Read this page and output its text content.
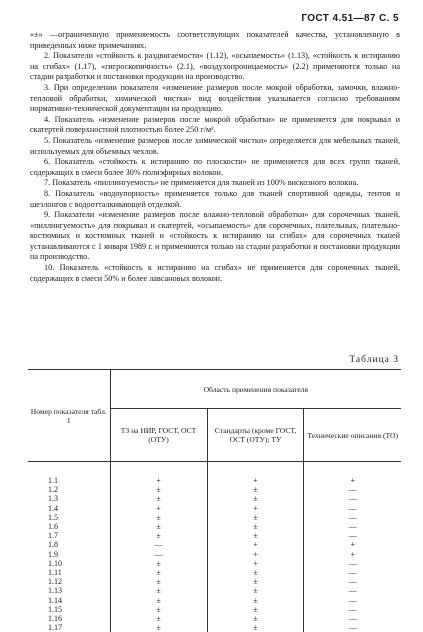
ГОСТ 4.51—87 С. 5

«±» —ограниченную применяемость соответствующих показателей качества, установленную в приведенных ниже примечаниях.

2. Показатели «стойкость к раздвигаемости» (1.12), «осыпаемость» (1.13), «стойкость к истиранию на сгибах» (1.17), «гигроскопичность» (2.1), «воздухопроницаемость» (2.2) применяются только на стадии разработки и постановки продукции на производство.

3. При определении показателя «изменение размеров после мокрой обработки, замочки, влажно-тепловой обработки, химической чистки» вид воздействия указывается согласно требованиям нормативно-технической документации на продукцию.

4. Показатель «изменение размеров после мокрой обработки» не применяется для покрывал и скатертей поверхностной плотностью более 250 г/м².

5. Показатель «изменение размеров после химической чистки» определяется для мебельных тканей, используемых для объемных чехлов.

6. Показатель «стойкость к истиранию по плоскости» не применяется для всех групп тканей, содержащих в смеси более 30% полиэфирных волокон.

7. Показатель «пиллингуемость» не применяется для тканей из 100% вискозного волокна.

8. Показатель «водоупорность» применяется только для тканей спортивной одежды, тентов и шезлонгов с водоотталкивающей отделкой.

9. Показатели «изменение размеров после влажно-тепловой обработки» для сорочечных тканей, «пиллингуемость» для покрывал и скатертей, «осыпаемость» для сорочечных, плательных, плательно-костюмных и костюмных тканей и «стойкость к истиранию на сгибах» для сорочечных тканей устанавливаются с 1 января 1989 г. и применяются только на стадии разработки и постановки продукции на производство.

10. Показатель «стойкость к истиранию на сгибах» не применяется для сорочечных тканей, содержащих в смеси 50% и более лавсановых волокон.

Таблица 3
Номер показателя табл. 1	Область применения показателя		
	ТЗ на НИР, ГОСТ, ОСТ (ОТУ)	Стандарты (кроме ГОСТ, ОСТ (ОТУ); ТУ	Технические описания (ТО)
1.1	+	+	+
1.2	±	±	—
1.3	±	±	—
1.4	+	+	—
1.5	±	±	—
1.6	±	±	—
1.7	±	±	—
1.8	—	+	+
1.9	—	+	+
1.10	±	+	—
1.11	±	±	—
1.12	±	±	—
1.13	±	±	—
1.14	±	±	—
1.15	±	±	—
1.16	±	±	—
1.17	±	±	—
